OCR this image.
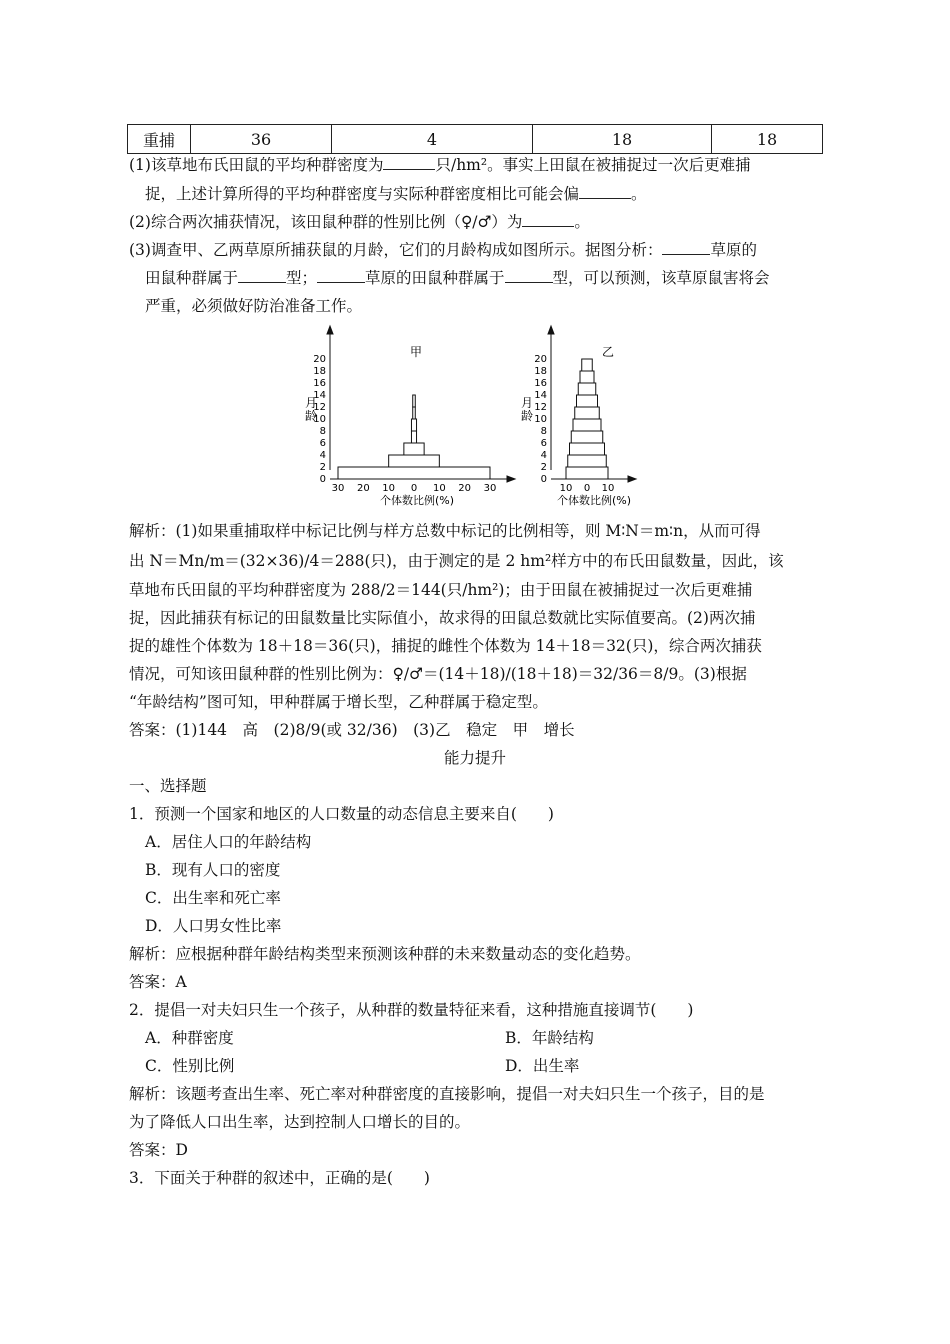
重捕	36	4	18	18
(1)该草地布氏田鼠的平均种群密度为	只/hm²。事实上田鼠在被捕捉过一次后更难捕
捉，上述计算所得的平均种群密度与实际种群密度相比可能会偏	。
(2)综合两次捕获情况，该田鼠种群的性别比例（♀/♂）为	。
(3)调查甲、乙两草原所捕获鼠的月龄，它们的月龄构成如图所示。据图分析：	草原的
田鼠种群属于	型；	草原的田鼠种群属于	型，可以预测，该草原鼠害将会
严重，必须做好防治准备工作。
0
2
4
6
8
10
12
14
16
18
20
0
2
4
6
8
10
12
14
16
18
20
30 20 10 0 10 20 30	10 0 10
甲	乙
月
龄
月
龄
个体数比例(%)	个体数比例(%)
解析：(1)如果重捕取样中标记比例与样方总数中标记的比例相等，则 M∶N＝m∶n，从而可得
出 N＝Mn/m＝(32×36)/4＝288(只)，由于测定的是 2 hm²样方中的布氏田鼠数量，因此，该
草地布氏田鼠的平均种群密度为 288/2＝144(只/hm²)；由于田鼠在被捕捉过一次后更难捕
捉，因此捕获有标记的田鼠数量比实际值小，故求得的田鼠总数就比实际值要高。(2)两次捕
捉的雄性个体数为 18＋18＝36(只)，捕捉的雌性个体数为 14＋18＝32(只)，综合两次捕获
情况，可知该田鼠种群的性别比例为：♀/♂＝(14＋18)/(18＋18)＝32/36＝8/9。(3)根据
“年龄结构”图可知，甲种群属于增长型，乙种群属于稳定型。
答案：(1)144　高　(2)8/9(或 32/36)　(3)乙　稳定　甲　增长
能力提升
一、选择题
1．预测一个国家和地区的人口数量的动态信息主要来自(　　)
A．居住人口的年龄结构
B．现有人口的密度
C．出生率和死亡率
D．人口男女性比率
解析：应根据种群年龄结构类型来预测该种群的未来数量动态的变化趋势。
答案：A
2．提倡一对夫妇只生一个孩子，从种群的数量特征来看，这种措施直接调节(　　)
A．种群密度	B．年龄结构
C．性别比例	D．出生率
解析：该题考查出生率、死亡率对种群密度的直接影响，提倡一对夫妇只生一个孩子，目的是
为了降低人口出生率，达到控制人口增长的目的。
答案：D
3．下面关于种群的叙述中，正确的是(　　)
